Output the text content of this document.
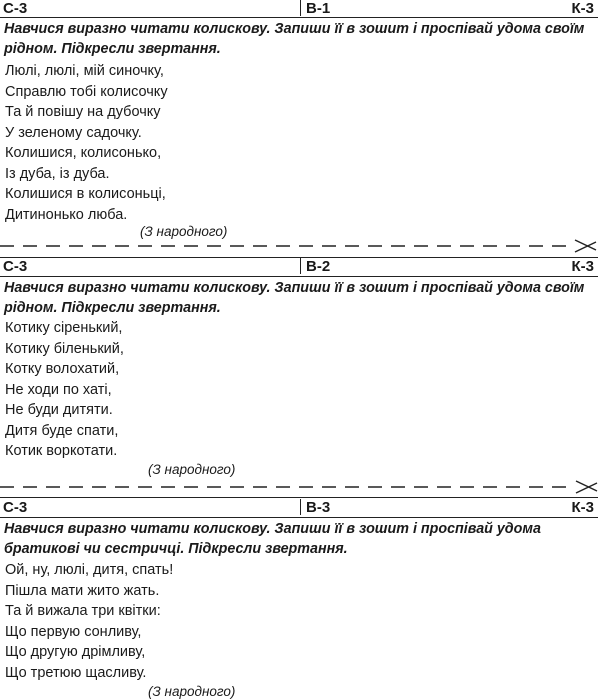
С-3	В-1	К-3

Навчися виразно читати колискову. Запиши її в зошит і проспівай удома своїм рідном. Підкресли звертання.

Люлі, люлі, мій синочку,
Справлю тобі колисочку
Та й повішу на дубочку
У зеленому садочку.
Колишися, колисонько,
Із дуба, із дуба.
Колишися в колисоньці,
Дитинонько люба.
(З народного)
С-3	В-2	К-3

Навчися виразно читати колискову. Запиши її в зошит і проспівай удома своїм рідном. Підкресли звертання.

Котику сіренький,
Котику біленький,
Котку волохатий,
Не ходи по хаті,
Не буди дитяти.
Дитя буде спати,
Котик воркотати.
(З народного)
С-3	В-3	К-3

Навчися виразно читати колискову. Запиши її в зошит і проспівай удома братикові чи сестричці. Підкресли звертання.

Ой, ну, люлі, дитя, спать!
Пішла мати жито жать.
Та й вижала три квітки:
Що первую сонливу,
Що другую дрімливу,
Що третюю щасливу.
(З народного)
